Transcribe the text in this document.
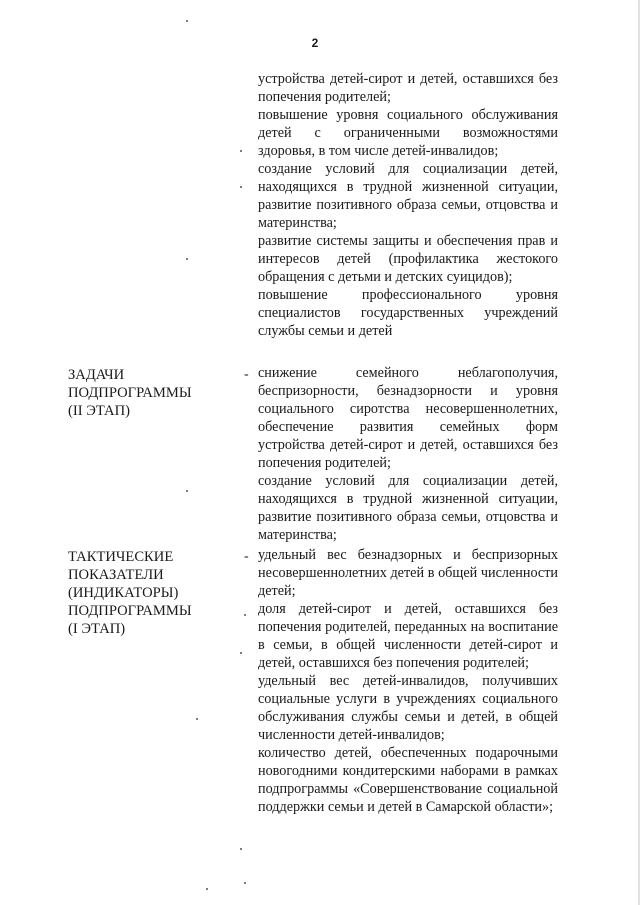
2

устройства детей-сирот и детей, оставшихся без попечения родителей;

повышение уровня социального обслуживания детей с ограниченными возможностями здоровья, в том числе детей-инвалидов;

создание условий для социализации детей, находящихся в трудной жизненной ситуации, развитие позитивного образа семьи, отцовства и материнства;

развитие системы защиты и обеспечения прав и интересов детей (профилактика жестокого обращения с детьми и детских суицидов);

повышение профессионального уровня специалистов государственных учреждений службы семьи и детей

ЗАДАЧИ
ПОДПРОГРАММЫ
(II ЭТАП)
- снижение семейного неблагополучия, беспризорности, безнадзорности и уровня социального сиротства несовершеннолетних, обеспечение развития семейных форм устройства детей-сирот и детей, оставшихся без попечения родителей;

создание условий для социализации детей, находящихся в трудной жизненной ситуации, развитие позитивного образа семьи, отцовства и материнства;

ТАКТИЧЕСКИЕ
ПОКАЗАТЕЛИ
(ИНДИКАТОРЫ)
ПОДПРОГРАММЫ
(I ЭТАП)
- удельный вес безнадзорных и беспризорных несовершеннолетних детей в общей численности детей;

доля детей-сирот и детей, оставшихся без попечения родителей, переданных на воспитание в семьи, в общей численности детей-сирот и детей, оставшихся без попечения родителей;

удельный вес детей-инвалидов, получивших социальные услуги в учреждениях социального обслуживания службы семьи и детей, в общей численности детей-инвалидов;

количество детей, обеспеченных подарочными новогодними кондитерскими наборами в рамках подпрограммы «Совершенствование социальной поддержки семьи и детей в Самарской области»;
